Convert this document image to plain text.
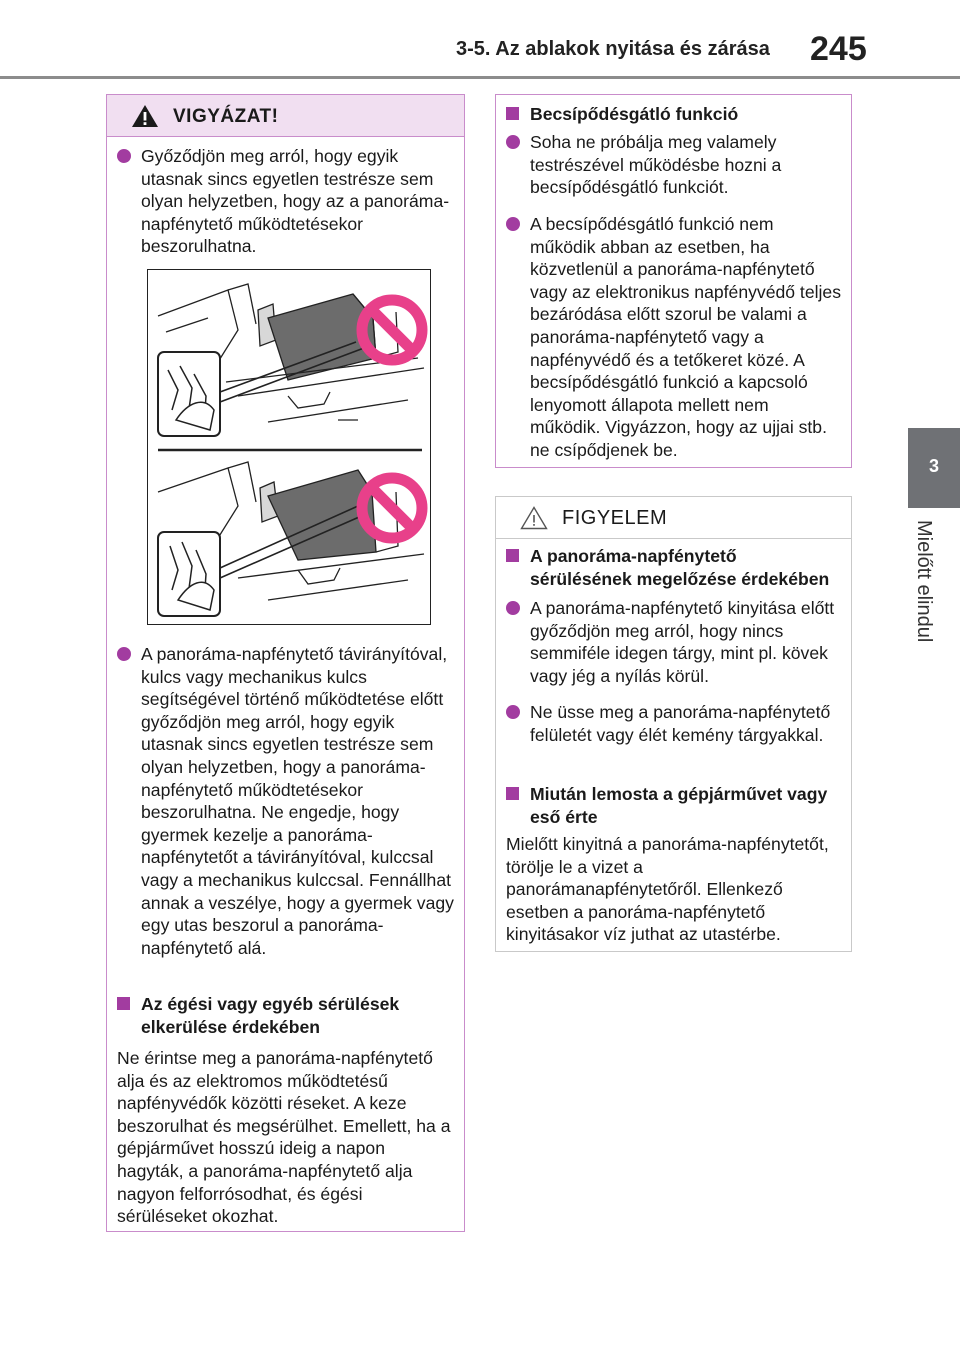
3-5. Az ablakok nyitása és zárása 245
3
Mielőtt elindul
VIGYÁZAT!
Győződjön meg arról, hogy egyik utasnak sincs egyetlen testrésze sem olyan helyzetben, hogy az a panoráma-napfénytető működtetésekor beszorulhatna.
A panoráma-napfénytető távirányítóval, kulcs vagy mechanikus kulcs segítségével történő működtetése előtt győződjön meg arról, hogy egyik utasnak sincs egyetlen testrésze sem olyan helyzetben, hogy a panoráma-napfénytető működtetésekor beszorulhatna. Ne engedje, hogy gyermek kezelje a panoráma-napfénytetőt a távirányítóval, kulccsal vagy a mechanikus kulccsal. Fennállhat annak a veszélye, hogy a gyermek vagy egy utas beszorul a panoráma-napfénytető alá.
Az égési vagy egyéb sérülések elkerülése érdekében
Ne érintse meg a panoráma-napfénytető alja és az elektromos működtetésű napfényvédők közötti réseket. A keze beszorulhat és megsérülhet. Emellett, ha a gépjárművet hosszú ideig a napon hagyták, a panoráma-napfénytető alja nagyon felforrósodhat, és égési sérüléseket okozhat.
Becsípődésgátló funkció
Soha ne próbálja meg valamely testrészével működésbe hozni a becsípődésgátló funkciót.
A becsípődésgátló funkció nem működik abban az esetben, ha közvetlenül a panoráma-napfénytető vagy az elektronikus napfényvédő teljes bezáródása előtt szorul be valami a panoráma-napfénytető vagy a napfényvédő és a tetőkeret közé. A becsípődésgátló funkció a kapcsoló lenyomott állapota mellett nem működik. Vigyázzon, hogy az ujjai stb. ne csípődjenek be.
FIGYELEM
A panoráma-napfénytető sérülésének megelőzése érdekében
A panoráma-napfénytető kinyitása előtt győződjön meg arról, hogy nincs semmiféle idegen tárgy, mint pl. kövek vagy jég a nyílás körül.
Ne üsse meg a panoráma-napfénytető felületét vagy élét kemény tárgyakkal.
Miután lemosta a gépjárművet vagy eső érte
Mielőtt kinyitná a panoráma-napfénytetőt, törölje le a vizet a panorámanapfénytetőről. Ellenkező esetben a panoráma-napfénytető kinyitásakor víz juthat az utastérbe.
